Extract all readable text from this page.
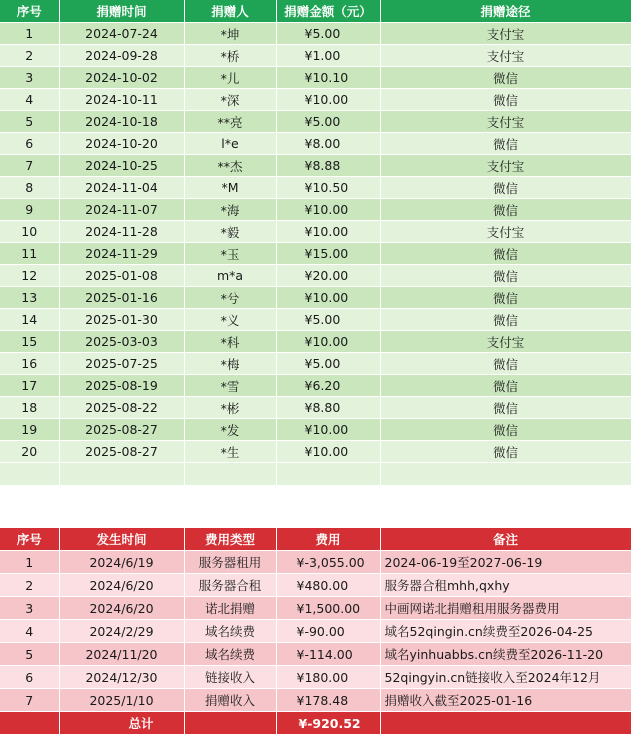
序号	捐赠时间	捐赠人	捐赠金额（元）	捐赠途径
1	2024-07-24	*坤	¥5.00	支付宝
2	2024-09-28	*桥	¥1.00	支付宝
3	2024-10-02	*儿	¥10.10	微信
4	2024-10-11	*深	¥10.00	微信
5	2024-10-18	**亮	¥5.00	支付宝
6	2024-10-20	l*e	¥8.00	微信
7	2024-10-25	**杰	¥8.88	支付宝
8	2024-11-04	*M	¥10.50	微信
9	2024-11-07	*海	¥10.00	微信
10	2024-11-28	*毅	¥10.00	支付宝
11	2024-11-29	*玉	¥15.00	微信
12	2025-01-08	m*a	¥20.00	微信
13	2025-01-16	*兮	¥10.00	微信
14	2025-01-30	*义	¥5.00	微信
15	2025-03-03	*科	¥10.00	支付宝
16	2025-07-25	*梅	¥5.00	微信
17	2025-08-19	*雪	¥6.20	微信
18	2025-08-22	*彬	¥8.80	微信
19	2025-08-27	*发	¥10.00	微信
20	2025-08-27	*生	¥10.00	微信

序号	发生时间	费用类型	费用	备注
1	2024/6/19	服务器租用	¥-3,055.00	2024-06-19至2027-06-19
2	2024/6/20	服务器合租	¥480.00	服务器合租mhh,qxhy
3	2024/6/20	诺北捐赠	¥1,500.00	中画网诺北捐赠租用服务器费用
4	2024/2/29	域名续费	¥-90.00	域名52qingin.cn续费至2026-04-25
5	2024/11/20	域名续费	¥-114.00	域名yinhuabbs.cn续费至2026-11-20
6	2024/12/30	链接收入	¥180.00	52qingyin.cn链接收入至2024年12月
7	2025/1/10	捐赠收入	¥178.48	捐赠收入截至2025-01-16
	总计		¥-920.52	
